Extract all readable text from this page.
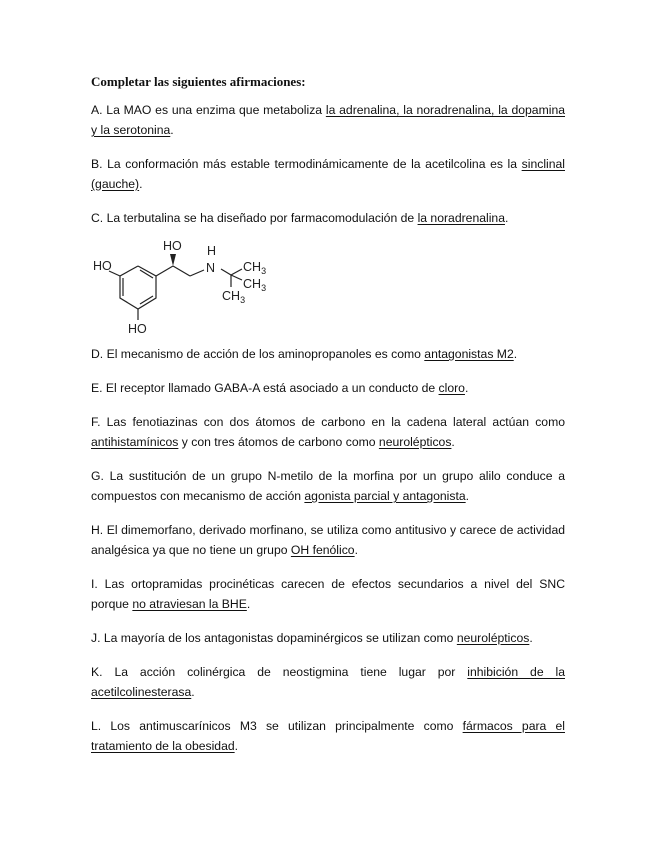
Completar las siguientes afirmaciones:

A. La MAO es una enzima que metaboliza la adrenalina, la noradrenalina, la dopamina y la serotonina.

B. La conformación más estable termodinámicamente de la acetilcolina es la sinclinal (gauche).

C. La terbutalina se ha diseñado por farmacomodulación de la noradrenalina.

HO
HO
HO
H
N $CH_3$
$CH_3$
$CH_3$

D. El mecanismo de acción de los aminopropanoles es como antagonistas M2.

E. El receptor llamado GABA-A está asociado a un conducto de cloro.

F. Las fenotiazinas con dos átomos de carbono en la cadena lateral actúan como antihistamínicos y con tres átomos de carbono como neurolépticos.

G. La sustitución de un grupo N-metilo de la morfina por un grupo alilo conduce a compuestos con mecanismo de acción agonista parcial y antagonista.

H. El dimemorfano, derivado morfinano, se utiliza como antitusivo y carece de actividad analgésica ya que no tiene un grupo OH fenólico.

I. Las ortopramidas procinéticas carecen de efectos secundarios a nivel del SNC porque no atraviesan la BHE.

J. La mayoría de los antagonistas dopaminérgicos se utilizan como neurolépticos.

K. La acción colinérgica de neostigmina tiene lugar por inhibición de la acetilcolinesterasa.

L. Los antimuscarínicos M3 se utilizan principalmente como fármacos para el tratamiento de la obesidad.
